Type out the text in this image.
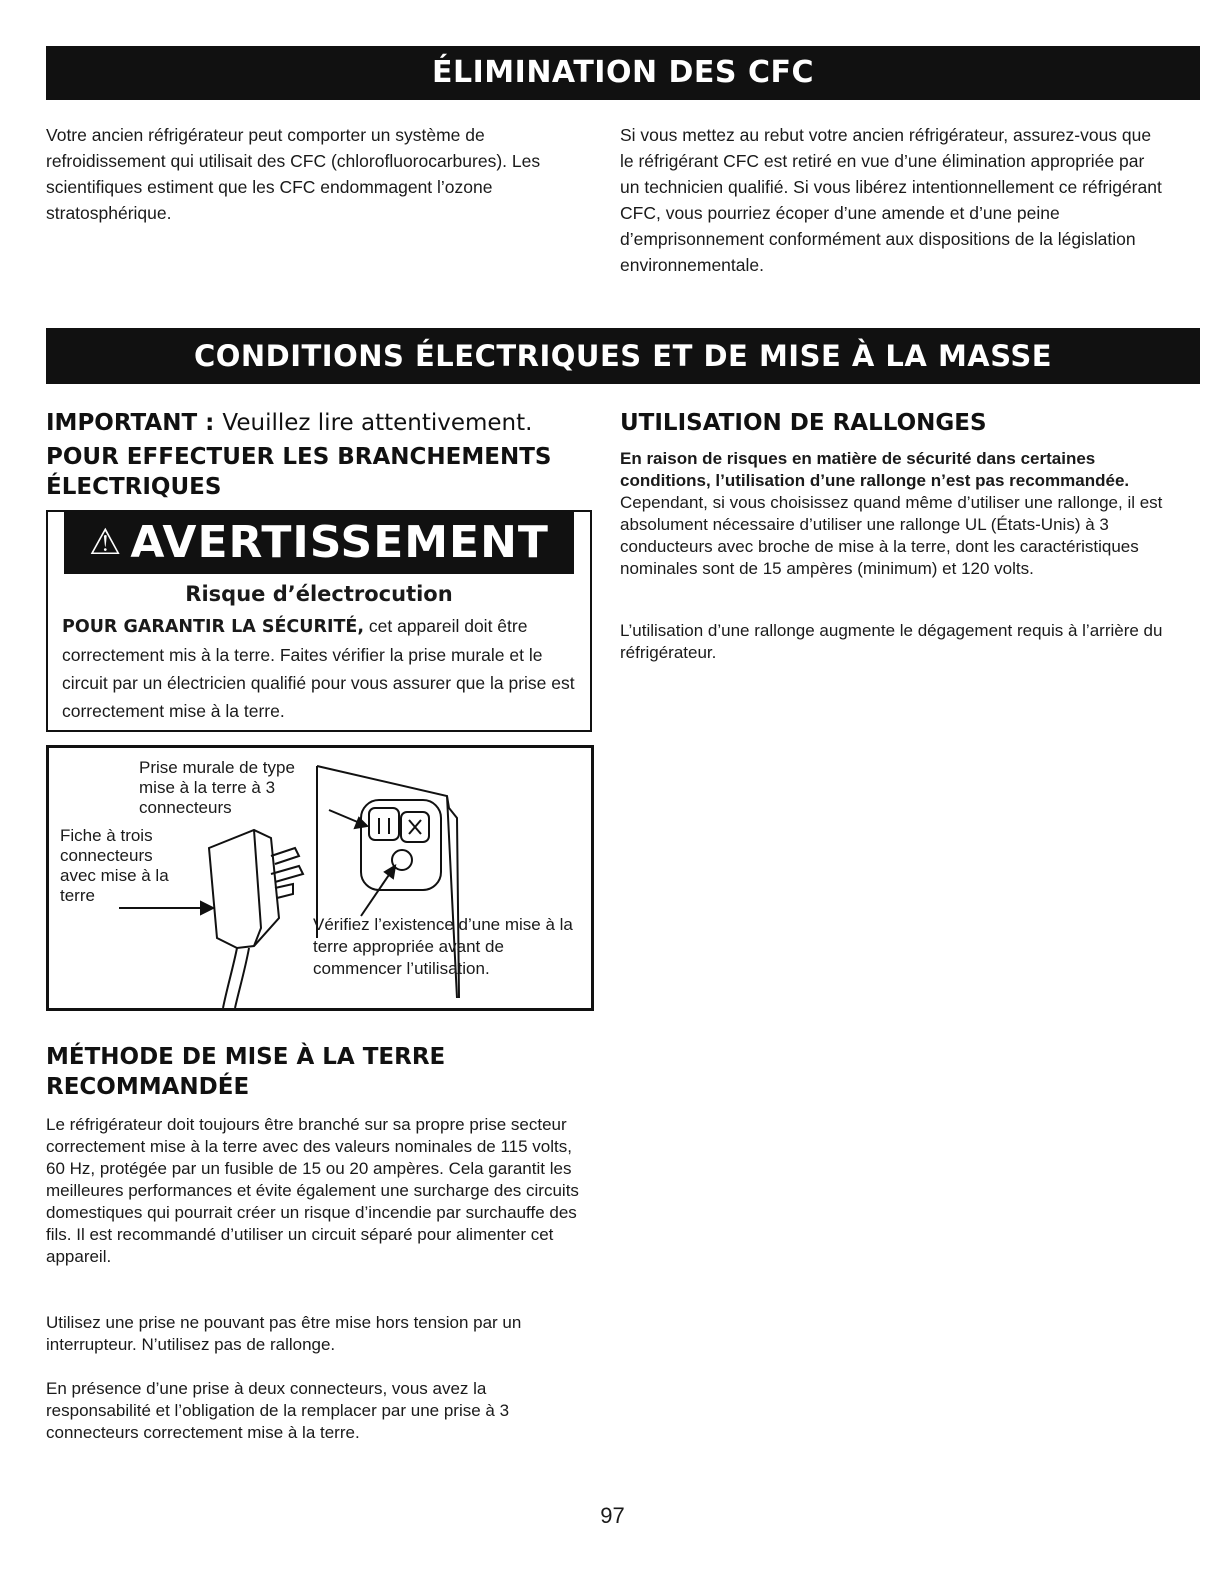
ÉLIMINATION DES CFC

Votre ancien réfrigérateur peut comporter un système de refroidissement qui utilisait des CFC (chlorofluorocarbures). Les scientifiques estiment que les CFC endommagent l’ozone stratosphérique.

Si vous mettez au rebut votre ancien réfrigérateur, assurez-vous que le réfrigérant CFC est retiré en vue d’une élimination appropriée par un technicien qualifié. Si vous libérez intentionnellement ce réfrigérant CFC, vous pourriez écoper d’une amende et d’une peine d’emprisonnement conformément aux dispositions de la législation environnementale.

CONDITIONS ÉLECTRIQUES ET DE MISE À LA MASSE
IMPORTANT : Veuillez lire attentivement.
POUR EFFECTUER LES BRANCHEMENTS ÉLECTRIQUES
⚠ AVERTISSEMENT
Risque d’électrocution

POUR GARANTIR LA SÉCURITÉ, cet appareil doit être correctement mis à la terre. Faites vérifier la prise murale et le circuit par un électricien qualifié pour vous assurer que la prise est correctement mise à la terre.

Prise murale de type mise à la terre à 3 connecteurs

Fiche à trois connecteurs avec mise à la terre

Vérifiez l’existence d’une mise à la terre appropriée avant de commencer l’utilisation.

MÉTHODE DE MISE À LA TERRE RECOMMANDÉE

Le réfrigérateur doit toujours être branché sur sa propre prise secteur correctement mise à la terre avec des valeurs nominales de 115 volts, 60 Hz, protégée par un fusible de 15 ou 20 ampères. Cela garantit les meilleures performances et évite également une surcharge des circuits domestiques qui pourrait créer un risque d’incendie par surchauffe des fils. Il est recommandé d’utiliser un circuit séparé pour alimenter cet appareil.

Utilisez une prise ne pouvant pas être mise hors tension par un interrupteur. N’utilisez pas de rallonge.

En présence d’une prise à deux connecteurs, vous avez la responsabilité et l’obligation de la remplacer par une prise à 3 connecteurs correctement mise à la terre.

UTILISATION DE RALLONGES

En raison de risques en matière de sécurité dans certaines conditions, l’utilisation d’une rallonge n’est pas recommandée. Cependant, si vous choisissez quand même d’utiliser une rallonge, il est absolument nécessaire d’utiliser une rallonge UL (États-Unis) à 3 conducteurs avec broche de mise à la terre, dont les caractéristiques nominales sont de 15 ampères (minimum) et 120 volts.

L’utilisation d’une rallonge augmente le dégagement requis à l’arrière du réfrigérateur.

97
